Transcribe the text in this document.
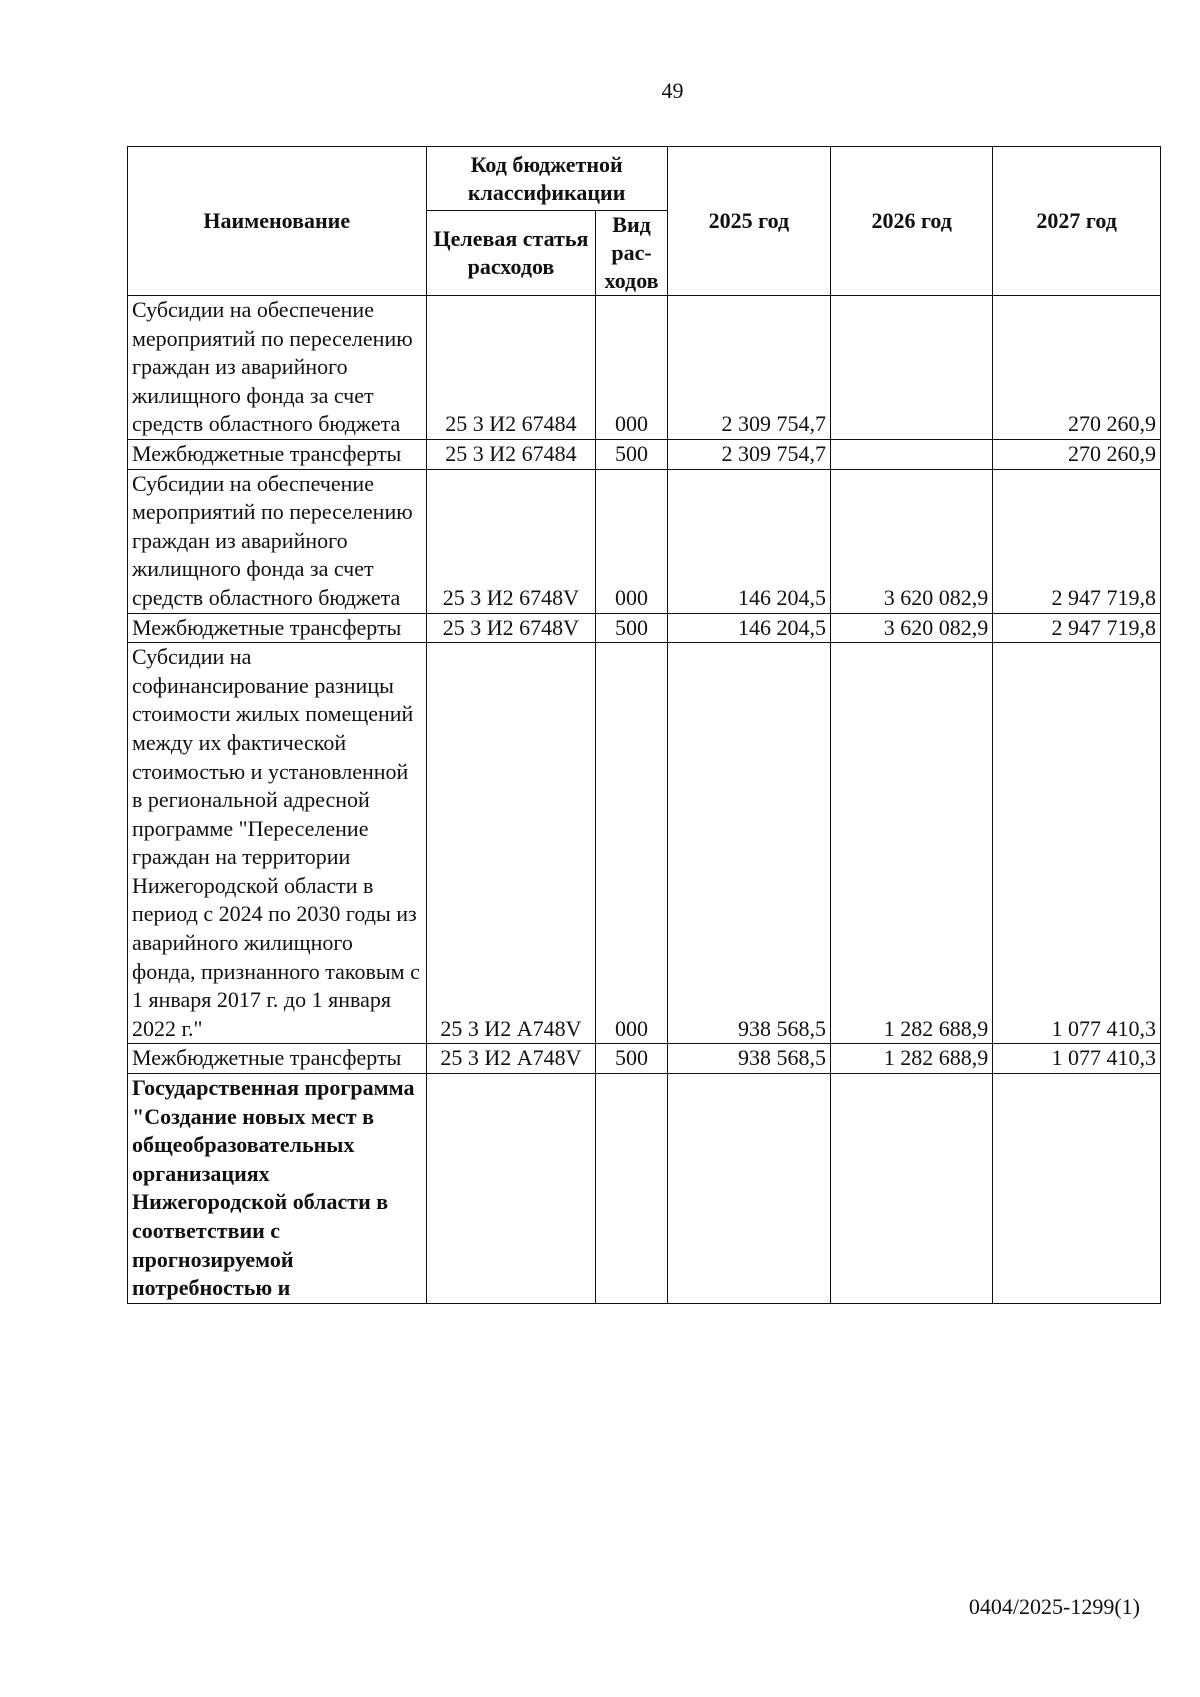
49
Наименование	Код бюджетной классификации		2025 год	2026 год	2027 год
	Целевая статья расходов	Вид рас-ходов			
Субсидии на обеспечение мероприятий по переселению граждан из аварийного жилищного фонда за счет средств областного бюджета	25 3 И2 67484	000	2 309 754,7		270 260,9
Межбюджетные трансферты	25 3 И2 67484	500	2 309 754,7		270 260,9
Субсидии на обеспечение мероприятий по переселению граждан из аварийного жилищного фонда за счет средств областного бюджета	25 3 И2 6748V	000	146 204,5	3 620 082,9	2 947 719,8
Межбюджетные трансферты	25 3 И2 6748V	500	146 204,5	3 620 082,9	2 947 719,8
Субсидии на софинансирование разницы стоимости жилых помещений между их фактической стоимостью и установленной в региональной адресной программе "Переселение граждан на территории Нижегородской области в период с 2024 по 2030 годы из аварийного жилищного фонда, признанного таковым с 1 января 2017 г. до 1 января 2022 г."	25 3 И2 А748V	000	938 568,5	1 282 688,9	1 077 410,3
Межбюджетные трансферты	25 3 И2 А748V	500	938 568,5	1 282 688,9	1 077 410,3
Государственная программа "Создание новых мест в общеобразовательных организациях Нижегородской области в соответствии с прогнозируемой потребностью и					
0404/2025-1299(1)
